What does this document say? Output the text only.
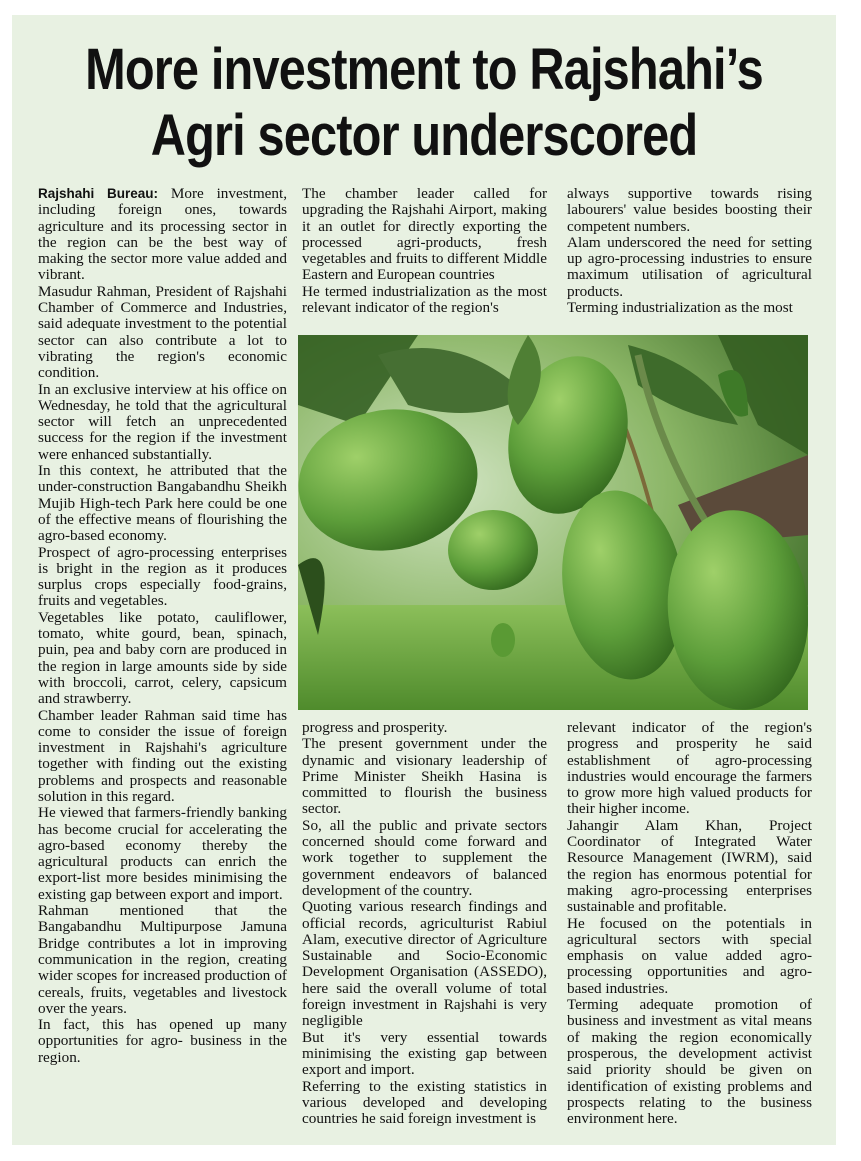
More investment to Rajshahi’s
Agri sector underscored

Rajshahi Bureau: More investment, including foreign ones, towards agriculture and its processing sector in the region can be the best way of making the sector more value added and vibrant.

Masudur Rahman, President of Rajshahi Chamber of Commerce and Industries, said adequate investment to the potential sector can also contribute a lot to vibrating the region's economic condition.

In an exclusive interview at his office on Wednesday, he told that the agricultural sector will fetch an unprecedented success for the region if the investment were enhanced substantially.

In this context, he attributed that the under-construction Bangabandhu Sheikh Mujib High-tech Park here could be one of the effective means of flourishing the agro-based economy.

Prospect of agro-processing enterprises is bright in the region as it produces surplus crops especially food-grains, fruits and vegetables.

Vegetables like potato, cauliflower, tomato, white gourd, bean, spinach, puin, pea and baby corn are produced in the region in large amounts side by side with broccoli, carrot, celery, capsicum and strawberry.

Chamber leader Rahman said time has come to consider the issue of foreign investment in Rajshahi's agriculture together with finding out the existing problems and prospects and reasonable solution in this regard.

He viewed that farmers-friendly banking has become crucial for accelerating the agro-based economy thereby the agricultural products can enrich the export-list more besides minimising the existing gap between export and import.

Rahman mentioned that the Bangabandhu Multipurpose Jamuna Bridge contributes a lot in improving communication in the region, creating wider scopes for increased production of cereals, fruits, vegetables and livestock over the years.

In fact, this has opened up many opportunities for agro- business in the region.

The chamber leader called for upgrading the Rajshahi Airport, making it an outlet for directly exporting the processed agri-products, fresh vegetables and fruits to different Middle Eastern and European countries

He termed industrialization as the most relevant indicator of the region's

always supportive towards rising labourers' value besides boosting their competent numbers.

Alam underscored the need for setting up agro-processing industries to ensure maximum utilisation of agricultural products.

Terming industrialization as the most

progress and prosperity.

The present government under the dynamic and visionary leadership of Prime Minister Sheikh Hasina is committed to flourish the business sector.

So, all the public and private sectors concerned should come forward and work together to supplement the government endeavors of balanced development of the country.

Quoting various research findings and official records, agriculturist Rabiul Alam, executive director of Agriculture Sustainable and Socio-Economic Development Organisation (ASSEDO), here said the overall volume of total foreign investment in Rajshahi is very negligible

But it's very essential towards minimising the existing gap between export and import.

Referring to the existing statistics in various developed and developing countries he said foreign investment is

relevant indicator of the region's progress and prosperity he said establishment of agro-processing industries would encourage the farmers to grow more high valued products for their higher income.

Jahangir Alam Khan, Project Coordinator of Integrated Water Resource Management (IWRM), said the region has enormous potential for making agro-processing enterprises sustainable and profitable.

He focused on the potentials in agricultural sectors with special emphasis on value added agro-processing opportunities and agro-based industries.

Terming adequate promotion of business and investment as vital means of making the region economically prosperous, the development activist said priority should be given on identification of existing problems and prospects relating to the business environment here.
